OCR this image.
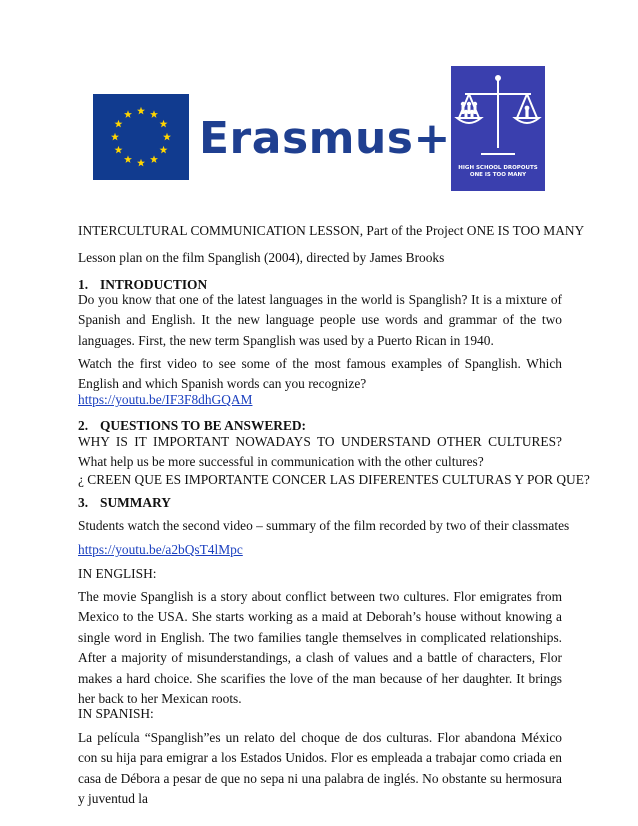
Erasmus+
HIGH SCHOOL DROPOUTS
ONE IS TOO MANY
INTERCULTURAL COMMUNICATION LESSON, Part of the Project ONE IS TOO MANY
Lesson plan on the film Spanglish (2004), directed by James Brooks
1. INTRODUCTION
Do you know that one of the latest languages in the world is Spanglish? It is a mixture of Spanish and English. It the new language people use words and grammar of the two languages. First, the new term Spanglish was used by a Puerto Rican in 1940.
Watch the first video to see some of the most famous examples of Spanglish. Which English and which Spanish words can you recognize?
https://youtu.be/IF3F8dhGQAM
2. QUESTIONS TO BE ANSWERED:
WHY IS IT IMPORTANT NOWADAYS TO UNDERSTAND OTHER CULTURES? What help us be more successful in communication with the other cultures?
¿ CREEN QUE ES IMPORTANTE CONCER LAS DIFERENTES CULTURAS Y POR QUE?
3. SUMMARY
Students watch the second video – summary of the film recorded by two of their classmates
https://youtu.be/a2bQsT4lMpc
IN ENGLISH:
The movie Spanglish is a story about conflict between two cultures. Flor emigrates from Mexico to the USA. She starts working as a maid at Deborah’s house without knowing a single word in English. The two families tangle themselves in complicated relationships. After a majority of misunderstandings, a clash of values and a battle of characters, Flor makes a hard choice. She scarifies the love of the man because of her daughter. It brings her back to her Mexican roots.
IN SPANISH:
La película “Spanglish”es un relato del choque de dos culturas. Flor abandona México con su hija para emigrar a los Estados Unidos. Flor es empleada a trabajar como criada en casa de Débora a pesar de que no sepa ni una palabra de inglés. No obstante su hermosura y juventud la
